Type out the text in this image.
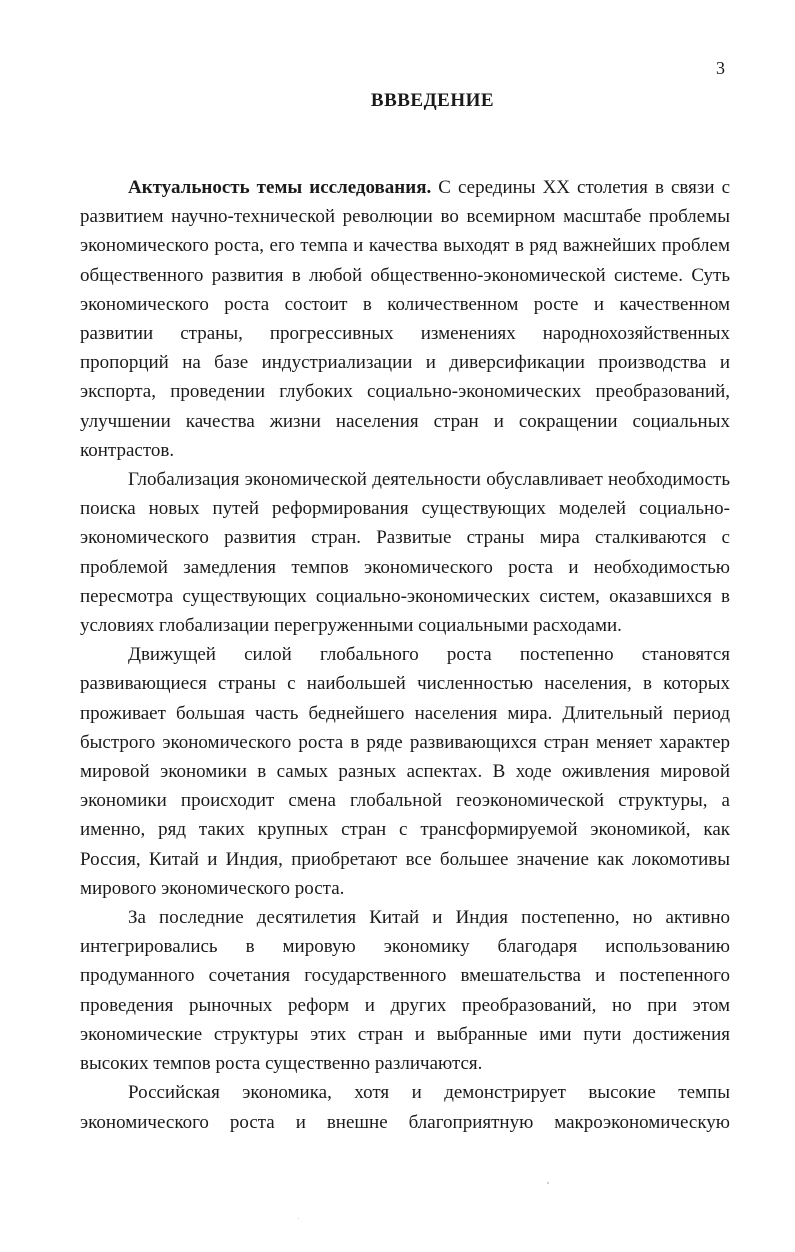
3
ВВВЕДЕНИЕ

Актуальность темы исследования. С середины XX столетия в связи с развитием научно-технической революции во всемирном масштабе проблемы экономического роста, его темпа и качества выходят в ряд важнейших проблем общественного развития в любой общественно-экономической системе. Суть экономического роста состоит в количественном росте и качественном развитии страны, прогрессивных изменениях народнохозяйственных пропорций на базе индустриализации и диверсификации производства и экспорта, проведении глубоких социально-экономических преобразований, улучшении качества жизни населения стран и сокращении социальных контрастов.

Глобализация экономической деятельности обуславливает необходимость поиска новых путей реформирования существующих моделей социально-экономического развития стран. Развитые страны мира сталкиваются с проблемой замедления темпов экономического роста и необходимостью пересмотра существующих социально-экономических систем, оказавшихся в условиях глобализации перегруженными социальными расходами.

Движущей силой глобального роста постепенно становятся развивающиеся страны с наибольшей численностью населения, в которых проживает большая часть беднейшего населения мира. Длительный период быстрого экономического роста в ряде развивающихся стран меняет характер мировой экономики в самых разных аспектах. В ходе оживления мировой экономики происходит смена глобальной геоэкономической структуры, а именно, ряд таких крупных стран с трансформируемой экономикой, как Россия, Китай и Индия, приобретают все большее значение как локомотивы мирового экономического роста.

За последние десятилетия Китай и Индия постепенно, но активно интегрировались в мировую экономику благодаря использованию продуманного сочетания государственного вмешательства и постепенного проведения рыночных реформ и других преобразований, но при этом экономические структуры этих стран и выбранные ими пути достижения высоких темпов роста существенно различаются.

Российская экономика, хотя и демонстрирует высокие темпы экономического роста и внешне благоприятную макроэкономическую
